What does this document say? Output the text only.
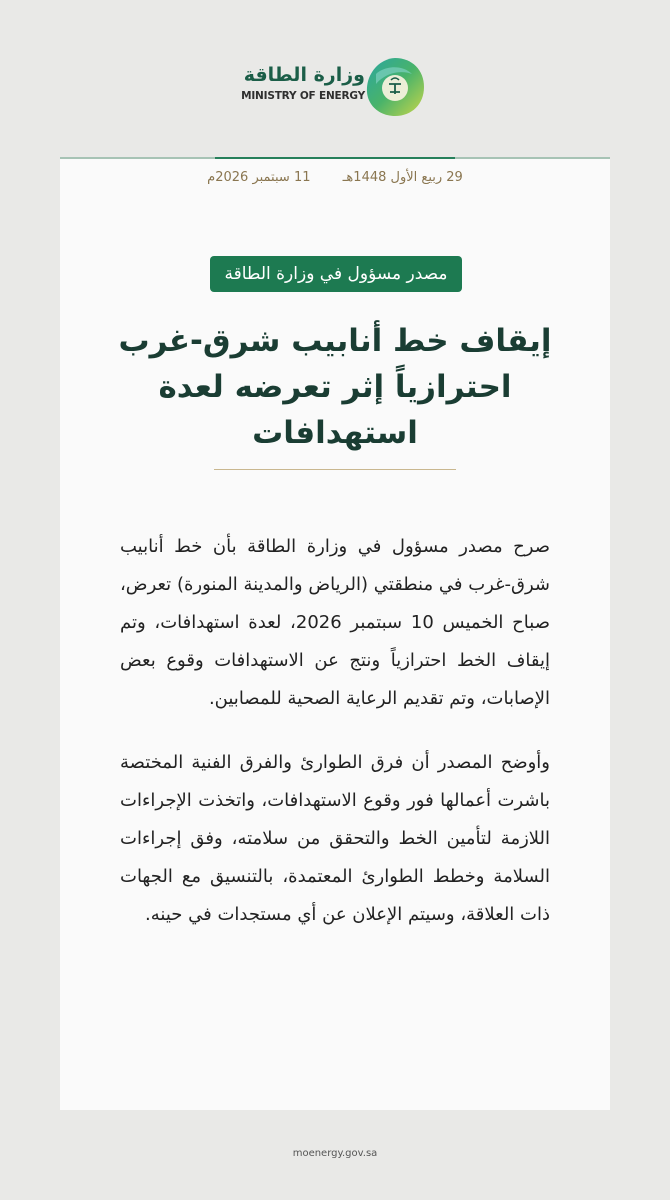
وزارة الطاقة
MINISTRY OF ENERGY
29 ربيع الأول 1448هـ 11 سبتمبر 2026م
مصدر مسؤول في وزارة الطاقة
إيقاف خط أنابيب شرق-غرب
احترازياً إثر تعرضه لعدة استهدافات

صرح مصدر مسؤول في وزارة الطاقة بأن خط أنابيب شرق-غرب في منطقتي (الرياض والمدينة المنورة) تعرض، صباح الخميس 10 سبتمبر 2026، لعدة استهدافات، وتم إيقاف الخط احترازياً ونتج عن الاستهدافات وقوع بعض الإصابات، وتم تقديم الرعاية الصحية للمصابين.

وأوضح المصدر أن فرق الطوارئ والفرق الفنية المختصة باشرت أعمالها فور وقوع الاستهدافات، واتخذت الإجراءات اللازمة لتأمين الخط والتحقق من سلامته، وفق إجراءات السلامة وخطط الطوارئ المعتمدة، بالتنسيق مع الجهات ذات العلاقة، وسيتم الإعلان عن أي مستجدات في حينه.

moenergy.gov.sa
